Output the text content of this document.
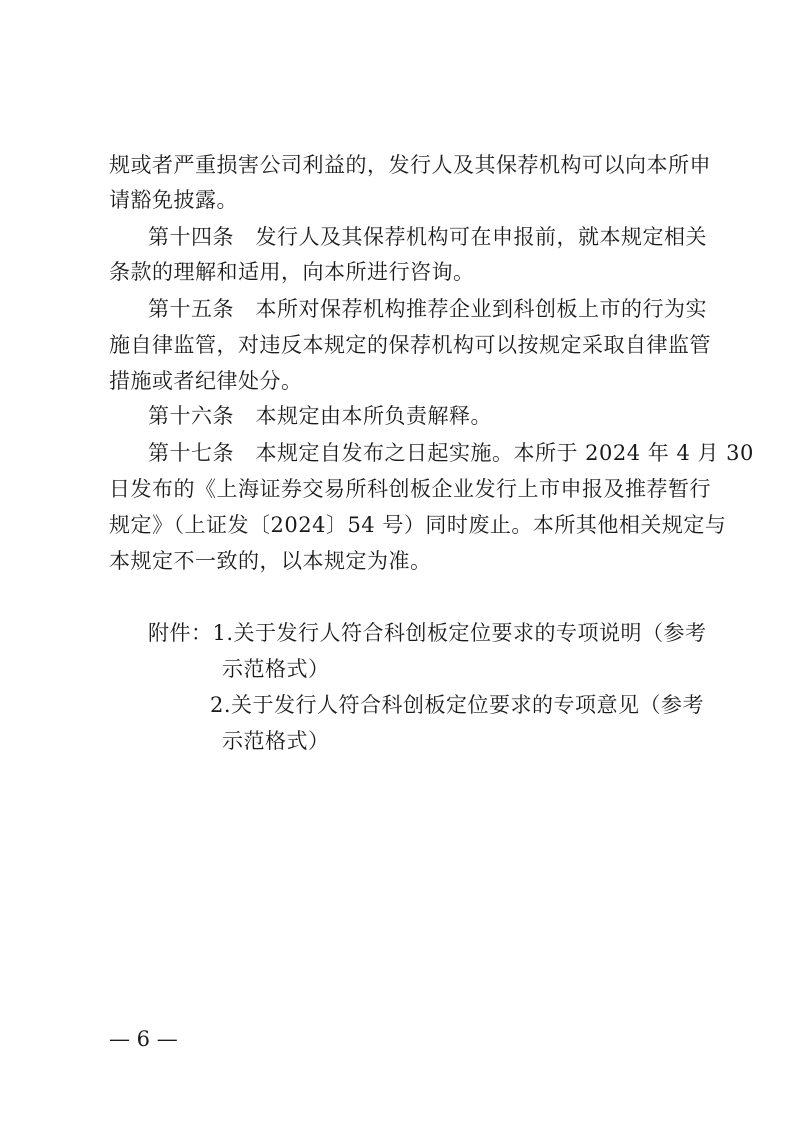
规或者严重损害公司利益的，发行人及其保荐机构可以向本所申
请豁免披露。
第十四条　发行人及其保荐机构可在申报前，就本规定相关
条款的理解和适用，向本所进行咨询。
第十五条　本所对保荐机构推荐企业到科创板上市的行为实
施自律监管，对违反本规定的保荐机构可以按规定采取自律监管
措施或者纪律处分。
第十六条　本规定由本所负责解释。
第十七条　本规定自发布之日起实施。本所于 2024 年 4 月 30
日发布的《上海证券交易所科创板企业发行上市申报及推荐暂行
规定》（上证发〔2024〕54 号）同时废止。本所其他相关规定与
本规定不一致的，以本规定为准。
附件：1.关于发行人符合科创板定位要求的专项说明（参考
示范格式）
2.关于发行人符合科创板定位要求的专项意见（参考
示范格式）
— 6 —
